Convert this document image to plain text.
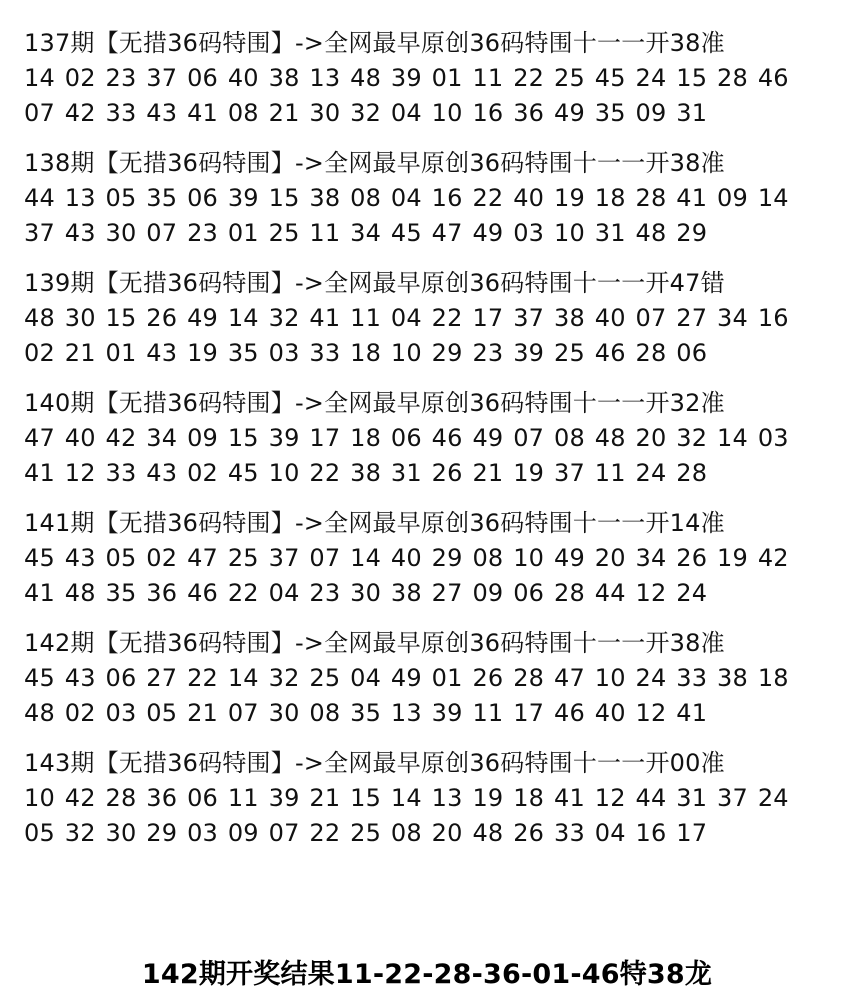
137期【无措36码特围】->全网最早原创36码特围十一一开38准
14 02 23 37 06 40 38 13 48 39 01 11 22 25 45 24 15 28 46
07 42 33 43 41 08 21 30 32 04 10 16 36 49 35 09 31
138期【无措36码特围】->全网最早原创36码特围十一一开38准
44 13 05 35 06 39 15 38 08 04 16 22 40 19 18 28 41 09 14
37 43 30 07 23 01 25 11 34 45 47 49 03 10 31 48 29
139期【无措36码特围】->全网最早原创36码特围十一一开47错
48 30 15 26 49 14 32 41 11 04 22 17 37 38 40 07 27 34 16
02 21 01 43 19 35 03 33 18 10 29 23 39 25 46 28 06
140期【无措36码特围】->全网最早原创36码特围十一一开32准
47 40 42 34 09 15 39 17 18 06 46 49 07 08 48 20 32 14 03
41 12 33 43 02 45 10 22 38 31 26 21 19 37 11 24 28
141期【无措36码特围】->全网最早原创36码特围十一一开14准
45 43 05 02 47 25 37 07 14 40 29 08 10 49 20 34 26 19 42
41 48 35 36 46 22 04 23 30 38 27 09 06 28 44 12 24
142期【无措36码特围】->全网最早原创36码特围十一一开38准
45 43 06 27 22 14 32 25 04 49 01 26 28 47 10 24 33 38 18
48 02 03 05 21 07 30 08 35 13 39 11 17 46 40 12 41
143期【无措36码特围】->全网最早原创36码特围十一一开00准
10 42 28 36 06 11 39 21 15 14 13 19 18 41 12 44 31 37 24
05 32 30 29 03 09 07 22 25 08 20 48 26 33 04 16 17
142期开奖结果11-22-28-36-01-46特38龙
